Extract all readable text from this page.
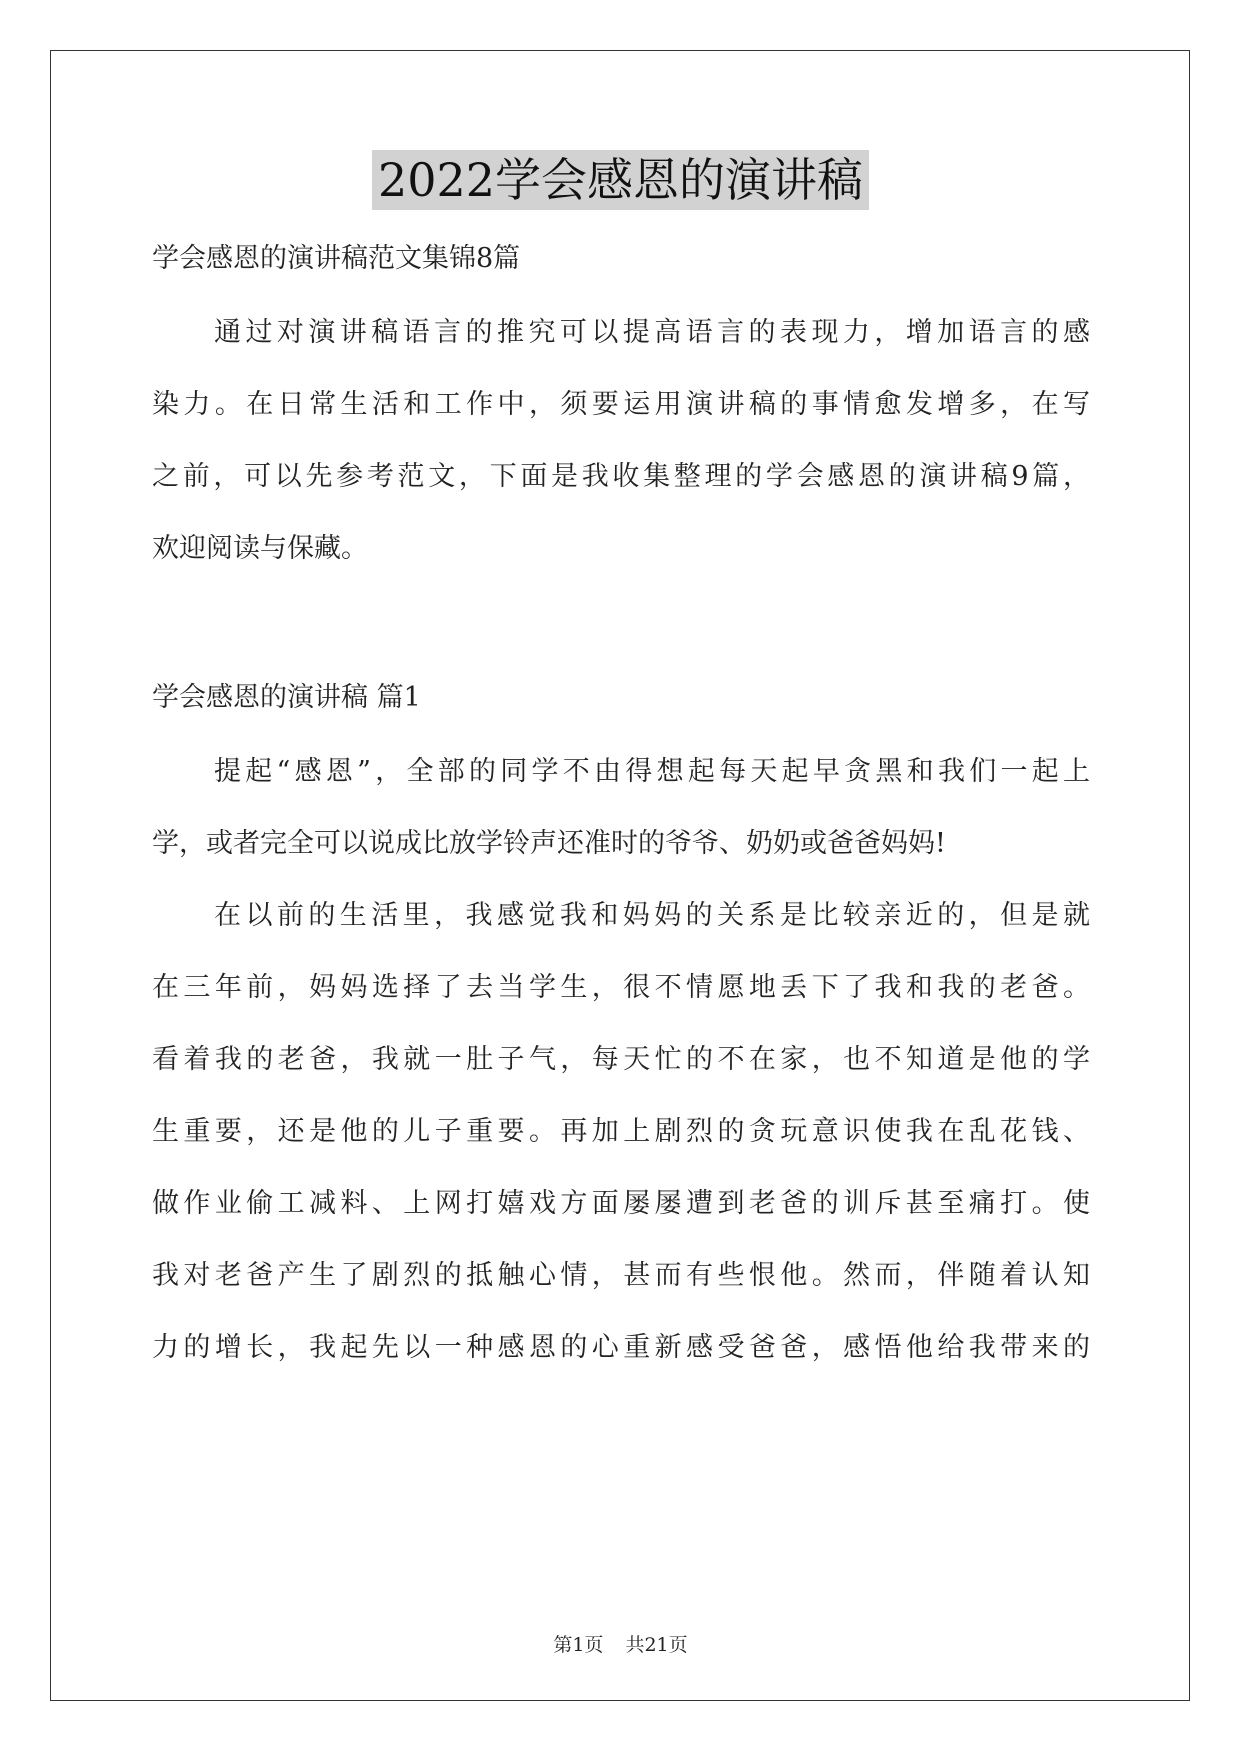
2022学会感恩的演讲稿
学会感恩的演讲稿范文集锦8篇
通过对演讲稿语言的推究可以提高语言的表现力，增加语言的感
染力。在日常生活和工作中，须要运用演讲稿的事情愈发增多，在写
之前，可以先参考范文，下面是我收集整理的学会感恩的演讲稿9篇，
欢迎阅读与保藏。
学会感恩的演讲稿 篇1
提起“感恩”，全部的同学不由得想起每天起早贪黑和我们一起上
学，或者完全可以说成比放学铃声还准时的爷爷、奶奶或爸爸妈妈!
在以前的生活里，我感觉我和妈妈的关系是比较亲近的，但是就
在三年前，妈妈选择了去当学生，很不情愿地丢下了我和我的老爸。
看着我的老爸，我就一肚子气，每天忙的不在家，也不知道是他的学
生重要，还是他的儿子重要。再加上剧烈的贪玩意识使我在乱花钱、
做作业偷工减料、上网打嬉戏方面屡屡遭到老爸的训斥甚至痛打。使
我对老爸产生了剧烈的抵触心情，甚而有些恨他。然而，伴随着认知
力的增长，我起先以一种感恩的心重新感受爸爸，感悟他给我带来的
第1页 共21页
